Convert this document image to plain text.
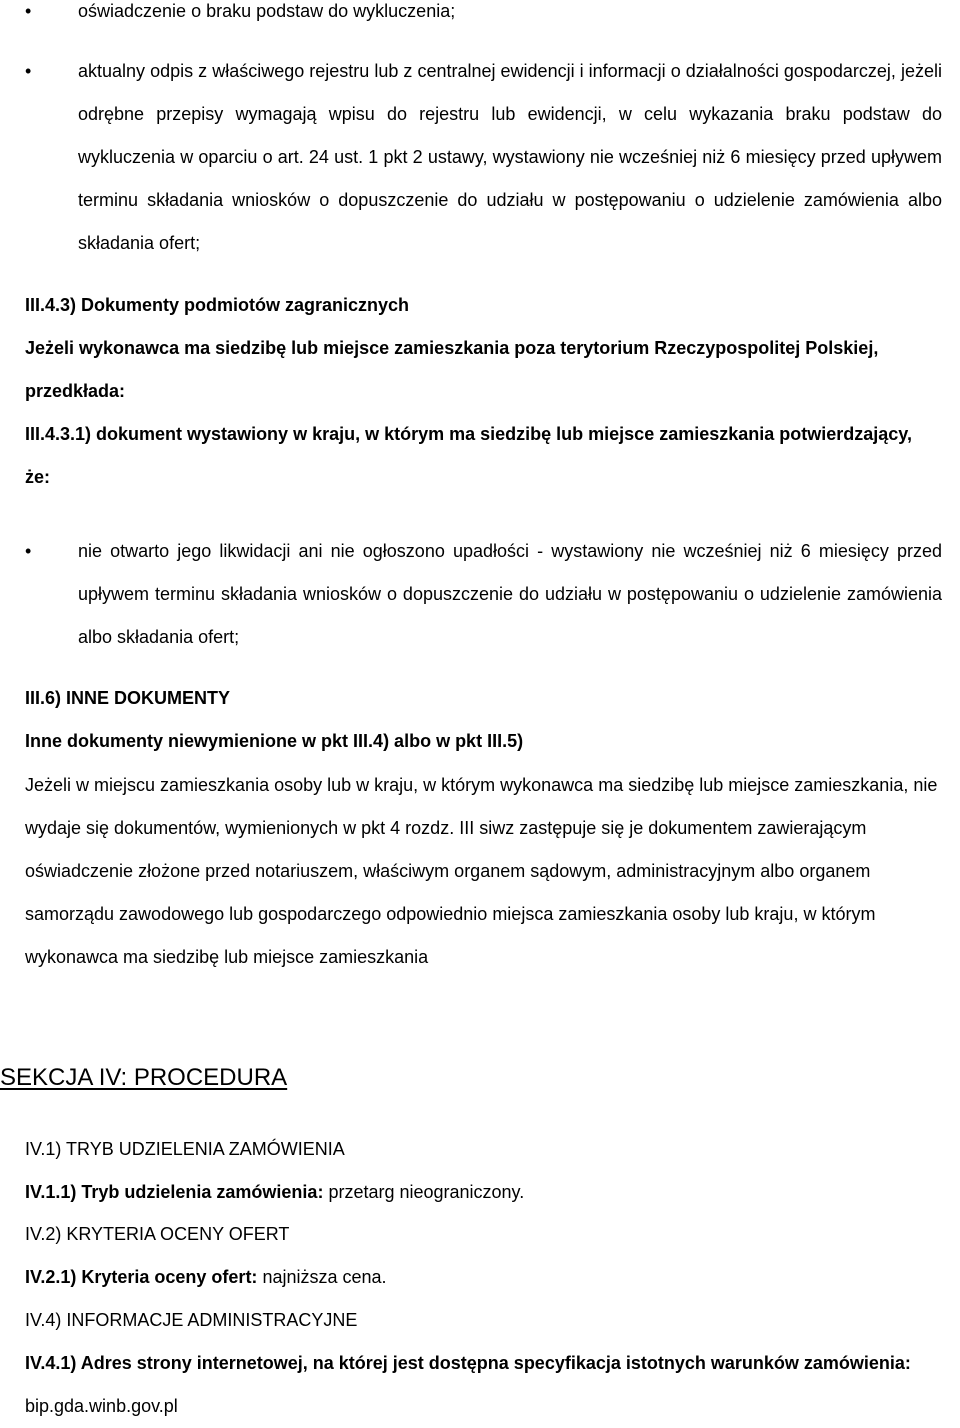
•	oświadczenie o braku podstaw do wykluczenia;
•	aktualny odpis z właściwego rejestru lub z centralnej ewidencji i informacji o działalności gospodarczej, jeżeli odrębne przepisy wymagają wpisu do rejestru lub ewidencji, w celu wykazania braku podstaw do wykluczenia w oparciu o art. 24 ust. 1 pkt 2 ustawy, wystawiony nie wcześniej niż 6 miesięcy przed upływem terminu składania wniosków o dopuszczenie do udziału w postępowaniu o udzielenie zamówienia albo składania ofert;

III.4.3) Dokumenty podmiotów zagranicznych

Jeżeli wykonawca ma siedzibę lub miejsce zamieszkania poza terytorium Rzeczypospolitej Polskiej, przedkłada:

III.4.3.1) dokument wystawiony w kraju, w którym ma siedzibę lub miejsce zamieszkania potwierdzający, że:

•	nie otwarto jego likwidacji ani nie ogłoszono upadłości - wystawiony nie wcześniej niż 6 miesięcy przed upływem terminu składania wniosków o dopuszczenie do udziału w postępowaniu o udzielenie zamówienia albo składania ofert;

III.6) INNE DOKUMENTY

Inne dokumenty niewymienione w pkt III.4) albo w pkt III.5)

Jeżeli w miejscu zamieszkania osoby lub w kraju, w którym wykonawca ma siedzibę lub miejsce zamieszkania, nie wydaje się dokumentów, wymienionych w pkt 4 rozdz. III siwz zastępuje się je dokumentem zawierającym oświadczenie złożone przed notariuszem, właściwym organem sądowym, administracyjnym albo organem samorządu zawodowego lub gospodarczego odpowiednio miejsca zamieszkania osoby lub kraju, w którym wykonawca ma siedzibę lub miejsce zamieszkania

SEKCJA IV: PROCEDURA

IV.1) TRYB UDZIELENIA ZAMÓWIENIA

IV.1.1) Tryb udzielenia zamówienia: przetarg nieograniczony.

IV.2) KRYTERIA OCENY OFERT

IV.2.1) Kryteria oceny ofert: najniższa cena.

IV.4) INFORMACJE ADMINISTRACYJNE

IV.4.1) Adres strony internetowej, na której jest dostępna specyfikacja istotnych warunków zamówienia: bip.gda.winb.gov.pl
